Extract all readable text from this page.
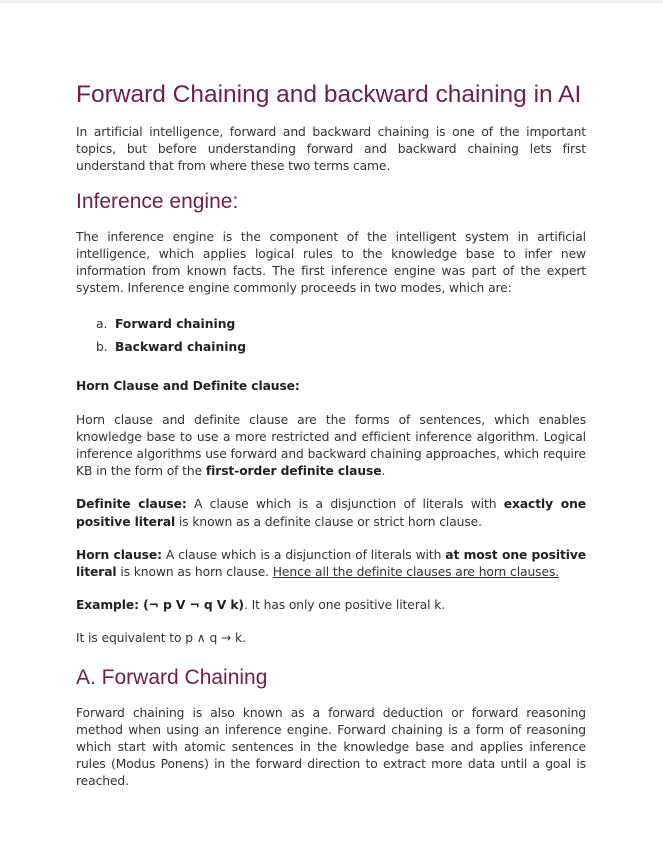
Forward Chaining and backward chaining in AI

In artificial intelligence, forward and backward chaining is one of the important topics, but before understanding forward and backward chaining lets first understand that from where these two terms came.

Inference engine:

The inference engine is the component of the intelligent system in artificial intelligence, which applies logical rules to the knowledge base to infer new information from known facts. The first inference engine was part of the expert system. Inference engine commonly proceeds in two modes, which are:

a. Forward chaining
b. Backward chaining

Horn Clause and Definite clause:

Horn clause and definite clause are the forms of sentences, which enables knowledge base to use a more restricted and efficient inference algorithm. Logical inference algorithms use forward and backward chaining approaches, which require KB in the form of the first-order definite clause.

Definite clause: A clause which is a disjunction of literals with exactly one positive literal is known as a definite clause or strict horn clause.

Horn clause: A clause which is a disjunction of literals with at most one positive literal is known as horn clause. Hence all the definite clauses are horn clauses.

Example: (¬ p V ¬ q V k). It has only one positive literal k.

It is equivalent to p ∧ q → k.

A. Forward Chaining

Forward chaining is also known as a forward deduction or forward reasoning method when using an inference engine. Forward chaining is a form of reasoning which start with atomic sentences in the knowledge base and applies inference rules (Modus Ponens) in the forward direction to extract more data until a goal is reached.
